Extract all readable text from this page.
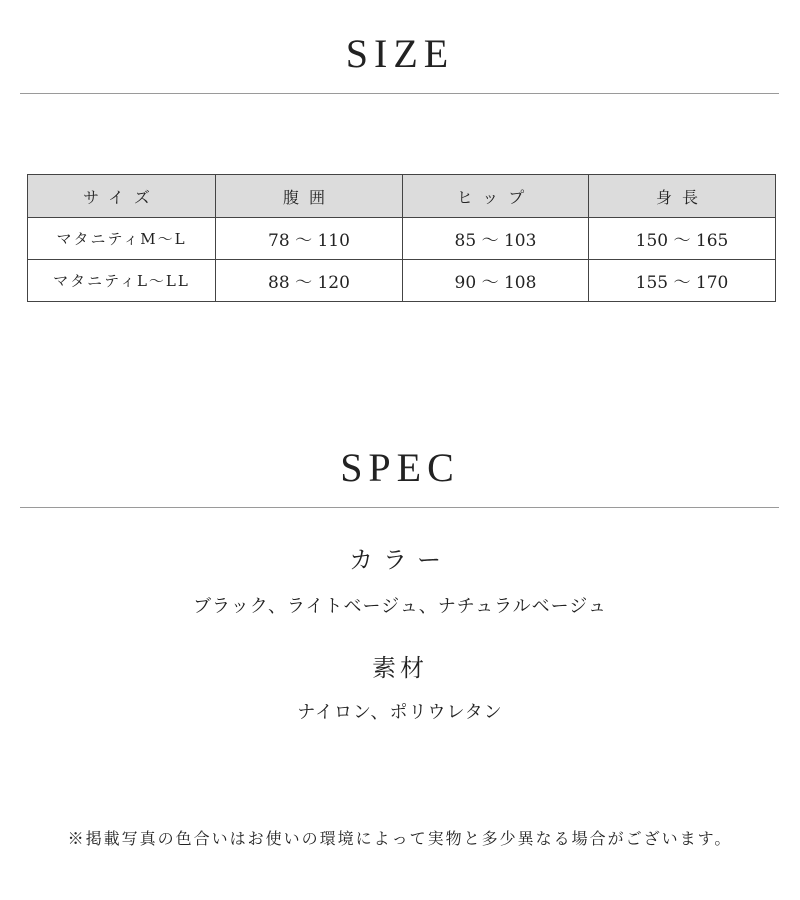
SIZE
サイズ	腹囲	ヒップ	身長
マタニティM〜L	78 〜 110	85 〜 103	150 〜 165
マタニティL〜LL	88 〜 120	90 〜 108	155 〜 170
SPEC
カラー
ブラック、ライトベージュ、ナチュラルベージュ
素材
ナイロン、ポリウレタン
※掲載写真の色合いはお使いの環境によって実物と多少異なる場合がございます。
